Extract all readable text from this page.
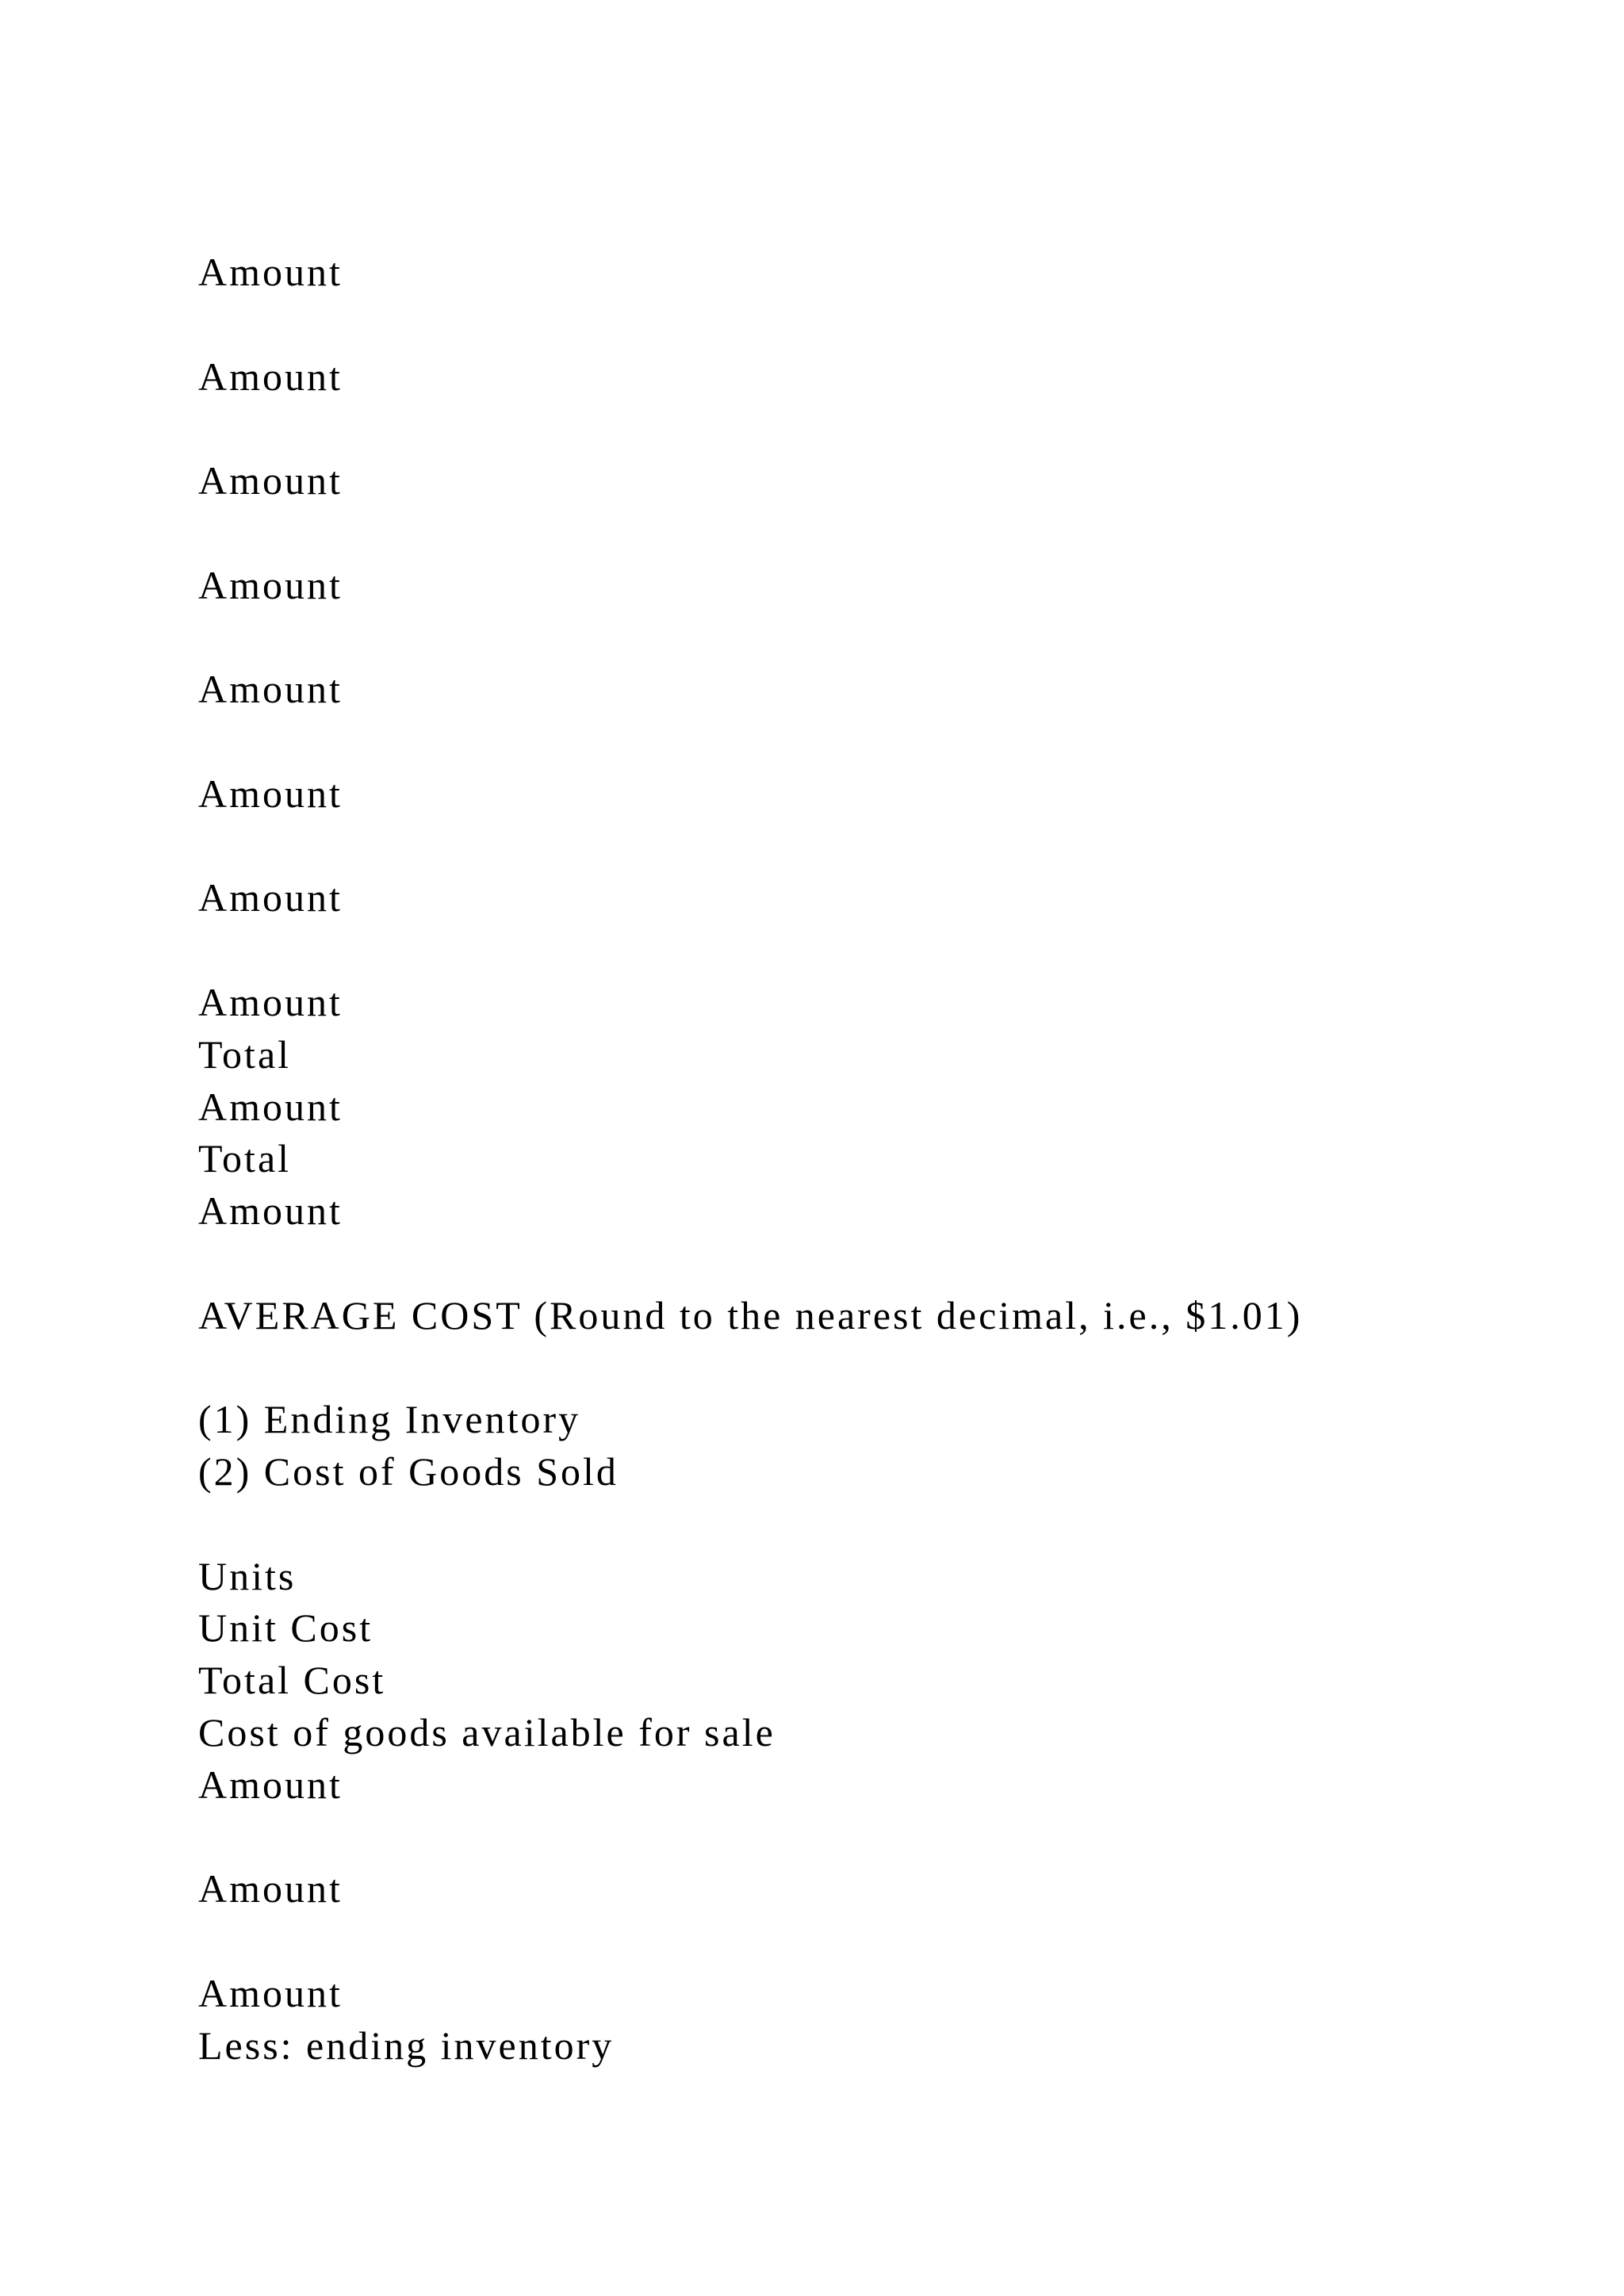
Amount
Amount
Amount
Amount
Amount
Amount
Amount
Amount
Total
Amount
Total
Amount
AVERAGE COST (Round to the nearest decimal, i.e., $1.01)
(1) Ending Inventory
(2) Cost of Goods Sold
Units
Unit Cost
Total Cost
Cost of goods available for sale
Amount
Amount
Amount
Less: ending inventory
